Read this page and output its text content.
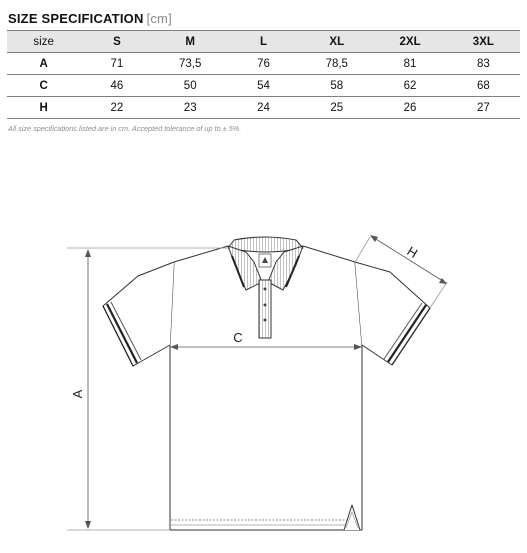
SIZE SPECIFICATION [cm]
size	S	M	L	XL	2XL	3XL
A	71	73,5	76	78,5	81	83
C	46	50	54	58	62	68
H	22	23	24	25	26	27
All size specifications listed are in cm. Accepted tolerance of up to ± 5%.
A
C
H
